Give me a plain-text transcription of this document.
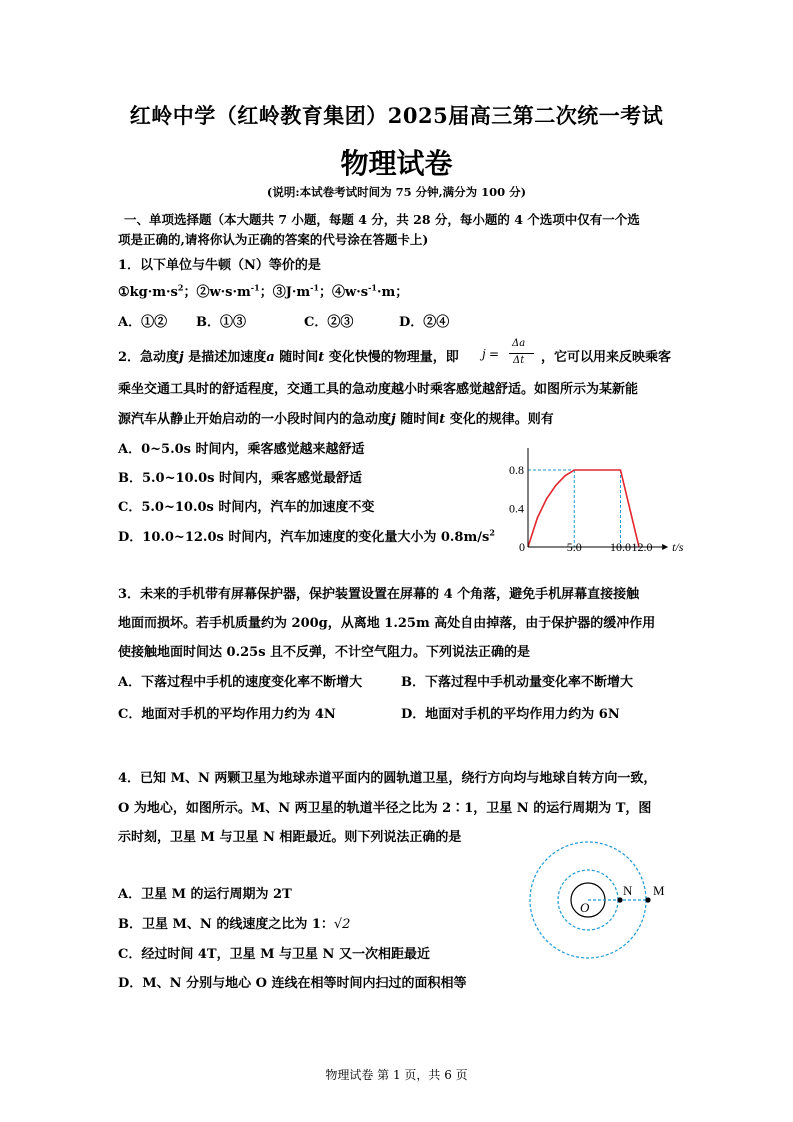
红岭中学（红岭教育集团）2025届高三第二次统一考试
物理试卷
(说明:本试卷考试时间为 75 分钟,满分为 100 分)
一、单项选择题（本大题共 7 小题，每题 4 分，共 28 分，每小题的 4 个选项中仅有一个选
项是正确的,请将你认为正确的答案的代号涂在答题卡上)
1．以下单位与牛顿（N）等价的是
$①kg\cdot m\cdot s^2$；$②w\cdot s\cdot m^{-1}$；$③J\cdot m^{-1}$；$④w\cdot s^{-1}\cdot m$；
A．①② B．①③	C．②③	D．②④
2．急动度j 是描述加速度a 随时间t 变化快慢的物理量，即 j =
Δa
Δt ，它可以用来反映乘客
乘坐交通工具时的舒适程度，交通工具的急动度越小时乘客感觉越舒适。如图所示为某新能
源汽车从静止开始启动的一小段时间内的急动度j 随时间t 变化的规律。则有
A．0~5.0s 时间内，乘客感觉越来越舒适
B．5.0~10.0s 时间内，乘客感觉最舒适
C．5.0~10.0s 时间内，汽车的加速度不变
D．10.0~12.0s 时间内，汽车加速度的变化量大小为 $0.8m/s^2$
0	5.0 10.0 12.0
0.4
0.8
t/s
3．未来的手机带有屏幕保护器，保护装置设置在屏幕的 4 个角落，避免手机屏幕直接接触
地面而损坏。若手机质量约为 200g，从离地 1.25m 高处自由掉落，由于保护器的缓冲作用
使接触地面时间达 0.25s 且不反弹，不计空气阻力。下列说法正确的是
A．下落过程中手机的速度变化率不断增大	B．下落过程中手机动量变化率不断增大
C．地面对手机的平均作用力约为 4N	D．地面对手机的平均作用力约为 6N
4．已知 M、N 两颗卫星为地球赤道平面内的圆轨道卫星，绕行方向均与地球自转方向一致，
O 为地心，如图所示。M、N 两卫星的轨道半径之比为 2∶1，卫星 N 的运行周期为 T，图
示时刻，卫星 M 与卫星 N 相距最近。则下列说法正确的是
A．卫星 M 的运行周期为 2T
B．卫星 M、N 的线速度之比为 1：√2
C．经过时间 4T，卫星 M 与卫星 N 又一次相距最近
D．M、N 分别与地心 O 连线在相等时间内扫过的面积相等
O
N M
物理试卷 第 1 页，共 6 页
